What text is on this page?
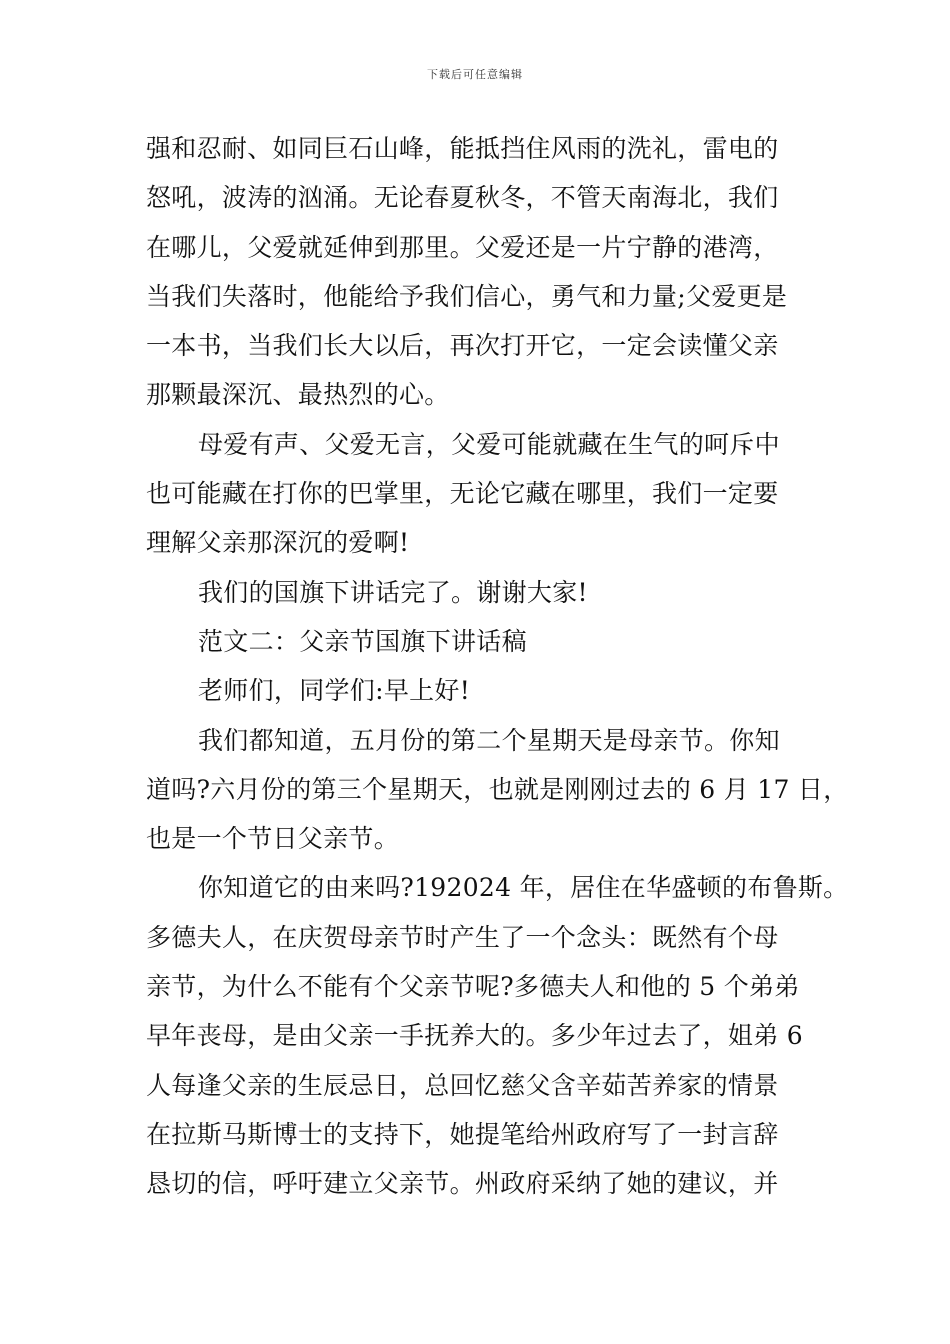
下载后可任意编辑
强和忍耐、如同巨石山峰，能抵挡住风雨的洗礼，雷电的
怒吼，波涛的汹涌。无论春夏秋冬，不管天南海北，我们
在哪儿，父爱就延伸到那里。父爱还是一片宁静的港湾，
当我们失落时，他能给予我们信心，勇气和力量;父爱更是
一本书，当我们长大以后，再次打开它，一定会读懂父亲
那颗最深沉、最热烈的心。
母爱有声、父爱无言，父爱可能就藏在生气的呵斥中
也可能藏在打你的巴掌里，无论它藏在哪里，我们一定要
理解父亲那深沉的爱啊!
我们的国旗下讲话完了。谢谢大家!
范文二：父亲节国旗下讲话稿
老师们，同学们:早上好!
我们都知道，五月份的第二个星期天是母亲节。你知
道吗?六月份的第三个星期天，也就是刚刚过去的 6 月 17 日，
也是一个节日父亲节。
你知道它的由来吗?192024 年，居住在华盛顿的布鲁斯。
多德夫人，在庆贺母亲节时产生了一个念头：既然有个母
亲节，为什么不能有个父亲节呢?多德夫人和他的 5 个弟弟
早年丧母，是由父亲一手抚养大的。多少年过去了，姐弟 6
人每逢父亲的生辰忌日，总回忆慈父含辛茹苦养家的情景
在拉斯马斯博士的支持下，她提笔给州政府写了一封言辞
恳切的信，呼吁建立父亲节。州政府采纳了她的建议，并
